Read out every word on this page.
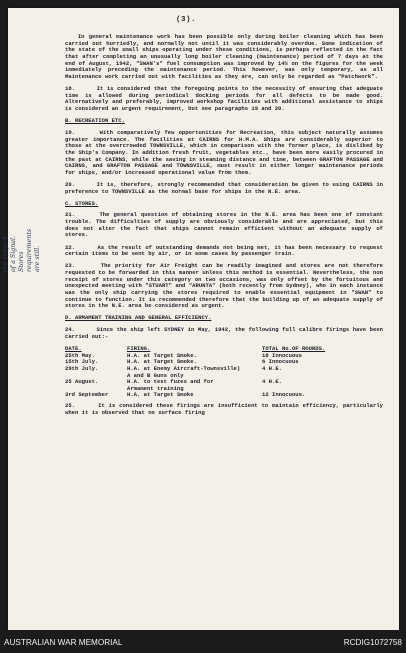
(3).
the subject of a Signal. Stores requirements are still.

In general maintenance work has been possible only during boiler cleaning which has been carried out hurriedly, and normally not until it was considerably overdue. Some indication of the state of the small ships operating under these conditions, is perhaps reflected in the fact that after completing an unusually long boiler cleaning (maintenance) period of 7 days at the end of August, 1942, "SWAN's" fuel consumption was improved by 14% on the figures for the week immediately preceding the maintenance period. This however, was only temporary, as all Maintenance work carried out with facilities as they are, can only be regarded as "Patchwork".

18.      It is considered that the foregoing points to the necessity of ensuring that adequate time is allowed during periodical docking periods for all defects to be made good. Alternatively and preferably, improved workshop facilities with additional assistance to ships is considered an urgent requirement, but see paragraphs 19 and 20.

B. RECREATION ETC.

19.      With comparatively few opportunities for Recreation, this subject naturally assumes greater importance. The facilities at CAIRNS for H.M.A. Ships are considerably superior to those at the overcrowded TOWNSVILLE, which in comparison with the former place, is disliked by the Ship's Company. In addition fresh fruit, vegetables etc., have been more easily procured in the past at CAIRNS, while the saving in steaming distance and time, between GRAFTON PASSAGE and CAIRNS, and GRAFTON PASSAGE and TOWNSVILLE, must result in either longer maintenance periods for ships, and/or increased operational value from them.

20.      It is, therefore, strongly recommended that consideration be given to using CAIRNS in preference to TOWNSVILLE as the normal base for ships in the N.E. area.

C. STORES.

21.      The general question of obtaining stores in the N.E. area has been one of constant trouble. The difficulties of supply are obviously considerable and are appreciated, but this does not alter the fact that ships cannot remain efficient without an adequate supply of stores.

22.      As the result of outstanding demands not being met, it has been necessary to request certain items to be sent by air, or in some cases by passenger train.

23.      The priority for Air Freight can be readily imagined and stores are not therefore requested to be forwarded in this manner unless this method is essential. Nevertheless, the non receipt of stores under this category on two occasions, was only offset by the fortuitous and unexpected meeting with "STUART" and "ARUNTA" (both recently from Sydney), who in each instance was the only ship carrying the stores required to enable essential equipment in "SWAN" to continue to function. It is recommended therefore that the building up of an adequate supply of stores in the N.E. area be considered as urgent.

D. ARMAMENT TRAINING AND GENERAL EFFICIENCY.

24.      Since the ship left SYDNEY in May, 1942, the following full calibre firings have been carried out:-

DATE.	FIRING.	TOTAL No.OF ROUNDS.
25th May.	H.A. at Target Smoke.	18 Innocuous
15th July.	H.A. at Target Smoke.	6 Innocuous
29th July.	H.A. at Enemy Aircraft-Townsville)	4 H.E.
	A and B Guns only	
25 August.	H.A. to test fuzes and for	4 H.E.
	Armament training	
3rd September	H.A. at Target Smoke	12 Innocuous.

25.      It is considered these firings are insufficient to maintain efficiency, particularly when it is observed that no surface firing

AUSTRALIAN WAR MEMORIAL	RCDIG1072758
